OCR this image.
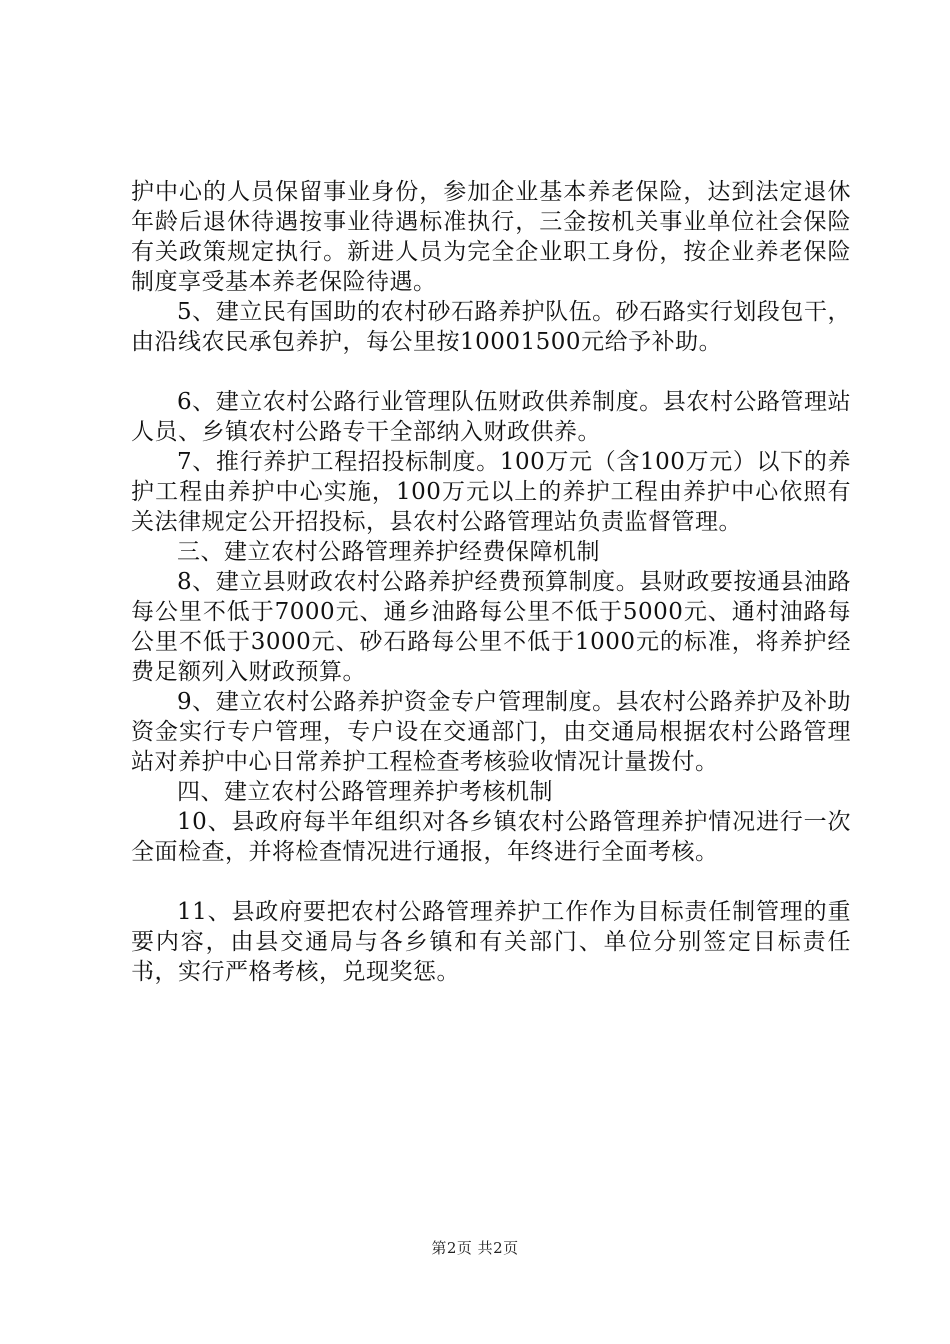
护中心的人员保留事业身份，参加企业基本养老保险，达到法定退休年龄后退休待遇按事业待遇标准执行，三金按机关事业单位社会保险有关政策规定执行。新进人员为完全企业职工身份，按企业养老保险制度享受基本养老保险待遇。

5、建立民有国助的农村砂石路养护队伍。砂石路实行划段包干，由沿线农民承包养护，每公里按10001500元给予补助。

6、建立农村公路行业管理队伍财政供养制度。县农村公路管理站人员、乡镇农村公路专干全部纳入财政供养。

7、推行养护工程招投标制度。100万元（含100万元）以下的养护工程由养护中心实施，100万元以上的养护工程由养护中心依照有关法律规定公开招投标，县农村公路管理站负责监督管理。

三、建立农村公路管理养护经费保障机制

8、建立县财政农村公路养护经费预算制度。县财政要按通县油路每公里不低于7000元、通乡油路每公里不低于5000元、通村油路每公里不低于3000元、砂石路每公里不低于1000元的标准，将养护经费足额列入财政预算。

9、建立农村公路养护资金专户管理制度。县农村公路养护及补助资金实行专户管理，专户设在交通部门，由交通局根据农村公路管理站对养护中心日常养护工程检查考核验收情况计量拨付。

四、建立农村公路管理养护考核机制

10、县政府每半年组织对各乡镇农村公路管理养护情况进行一次全面检查，并将检查情况进行通报，年终进行全面考核。

11、县政府要把农村公路管理养护工作作为目标责任制管理的重要内容，由县交通局与各乡镇和有关部门、单位分别签定目标责任书，实行严格考核，兑现奖惩。

第2页 共2页
